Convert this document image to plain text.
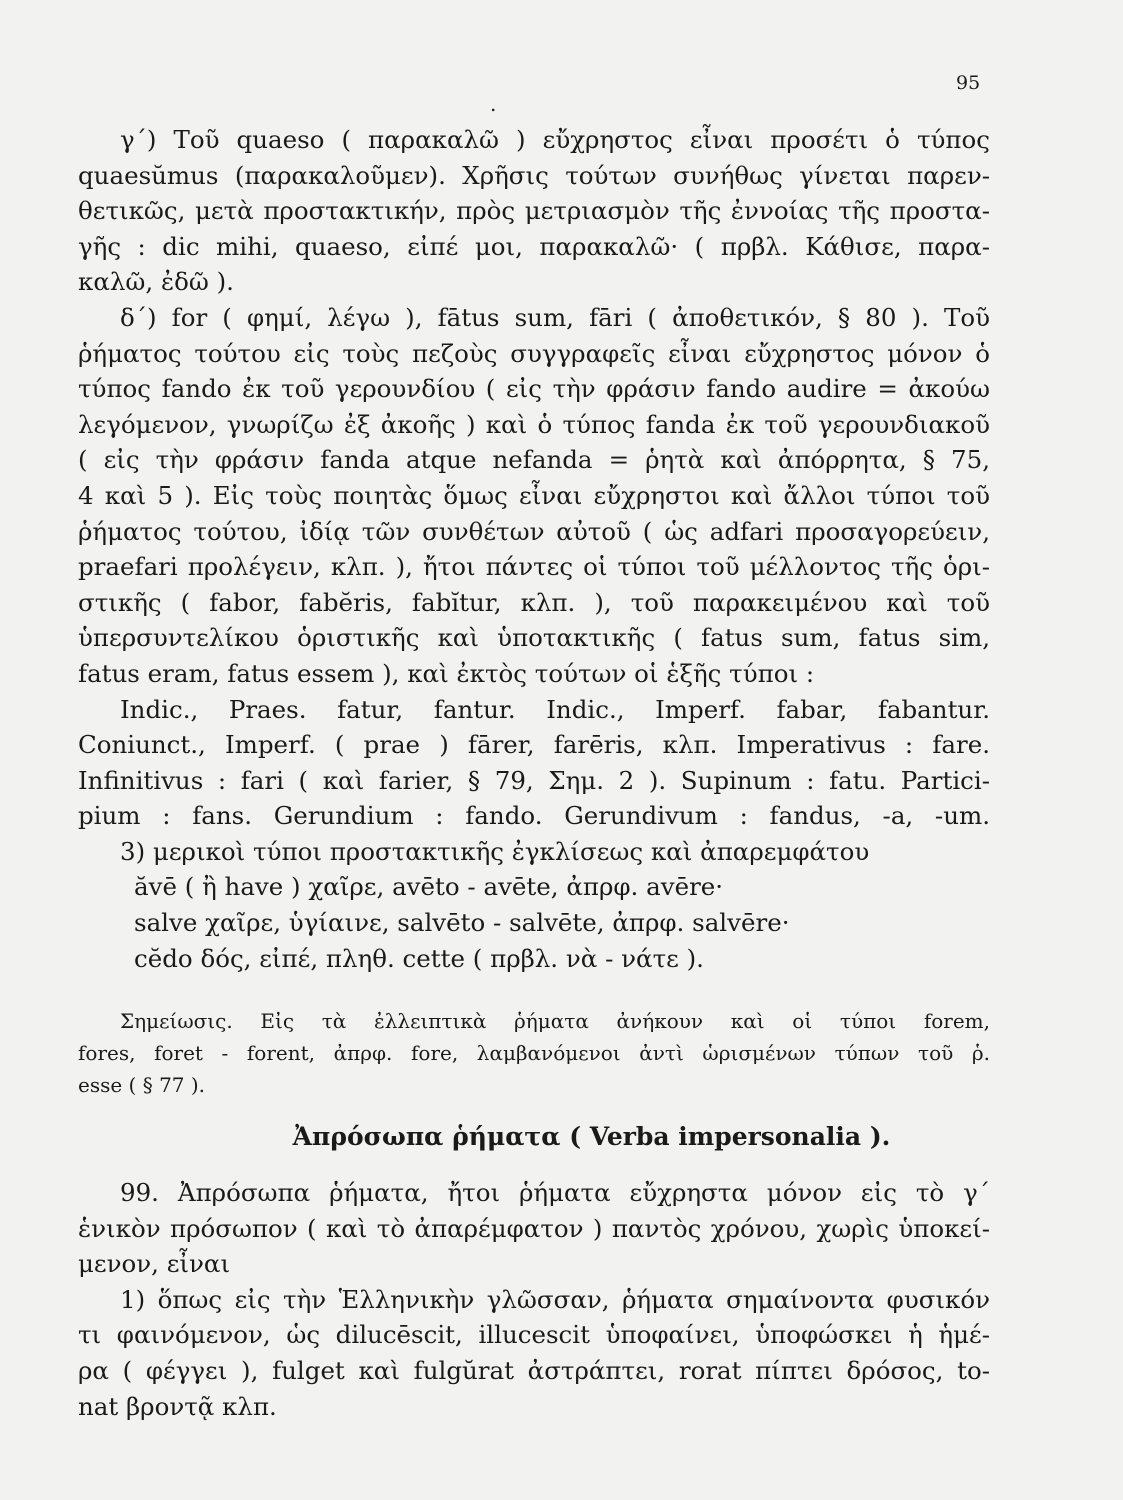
95
.
γ΄) Τοῦ quaeso ( παρακαλῶ ) εὔχρηστος εἶναι προσέτι ὁ τύπος
quaesŭmus (παρακαλοῦμεν). Χρῆσις τούτων συνήθως γίνεται παρεν-
θετικῶς, μετὰ προστακτικήν, πρὸς μετριασμὸν τῆς ἐννοίας τῆς προστα-
γῆς : dic mihi, quaeso, εἰπέ μοι, παρακαλῶ· ( πρβλ. Κάθισε, παρα-
καλῶ, ἐδῶ ).
δ΄) for ( φημί, λέγω ), fātus sum, fāri ( ἀποθετικόν, § 80 ). Τοῦ
ῥήματος τούτου εἰς τοὺς πεζοὺς συγγραφεῖς εἶναι εὔχρηστος μόνον ὁ
τύπος fando ἐκ τοῦ γερουνδίου ( εἰς τὴν φράσιν fando audire = ἀκούω
λεγόμενον, γνωρίζω ἐξ ἀκοῆς ) καὶ ὁ τύπος fanda ἐκ τοῦ γερουνδιακοῦ
( εἰς τὴν φράσιν fanda atque nefanda = ῥητὰ καὶ ἀπόρρητα, § 75,
4 καὶ 5 ). Εἰς τοὺς ποιητὰς ὅμως εἶναι εὔχρηστοι καὶ ἄλλοι τύποι τοῦ
ῥήματος τούτου, ἰδίᾳ τῶν συνθέτων αὐτοῦ ( ὡς adfari προσαγορεύειν,
praefari προλέγειν, κλπ. ), ἤτοι πάντες οἱ τύποι τοῦ μέλλοντος τῆς ὁρι-
στικῆς ( fabor, fabĕris, fabĭtur, κλπ. ), τοῦ παρακειμένου καὶ τοῦ
ὑπερσυντελίκου ὁριστικῆς καὶ ὑποτακτικῆς ( fatus sum, fatus sim,
fatus eram, fatus essem ), καὶ ἐκτὸς τούτων οἱ ἑξῆς τύποι :
Indic., Praes. fatur, fantur. Indic., Imperf. fabar, fabantur.
Coniunct., Imperf. ( prae ) fārer, farēris, κλπ. Imperativus : fare.
Infinitivus : fari ( καὶ farier, § 79, Σημ. 2 ). Supinum : fatu. Partici-
pium : fans. Gerundium : fando. Gerundivum : fandus, -a, -um.
3) μερικοὶ τύποι προστακτικῆς ἐγκλίσεως καὶ ἀπαρεμφάτου
ăvē ( ἢ have ) χαῖρε, avēto - avēte, ἀπρφ. avēre·
salve χαῖρε, ὑγίαινε, salvēto - salvēte, ἀπρφ. salvēre·
cĕdo δός, εἰπέ, πληθ. cette ( πρβλ. νὰ - νάτε ).
Σημείωσις. Εἰς τὰ ἐλλειπτικὰ ῥήματα ἀνήκουν καὶ οἱ τύποι forem,
fores, foret - forent, ἀπρφ. fore, λαμβανόμενοι ἀντὶ ὡρισμένων τύπων τοῦ ῥ.
esse ( § 77 ).
Ἀπρόσωπα ῥήματα ( Verba impersonalia ).
99. Ἀπρόσωπα ῥήματα, ἤτοι ῥήματα εὔχρηστα μόνον εἰς τὸ γ΄
ἑνικὸν πρόσωπον ( καὶ τὸ ἀπαρέμφατον ) παντὸς χρόνου, χωρὶς ὑποκεί-
μενον, εἶναι
1) ὅπως εἰς τὴν Ἑλληνικὴν γλῶσσαν, ῥήματα σημαίνοντα φυσικόν
τι φαινόμενον, ὡς dilucēscit, illucescit ὑποφαίνει, ὑποφώσκει ἡ ἡμέ-
ρα ( φέγγει ), fulget καὶ fulgŭrat ἀστράπτει, rorat πίπτει δρόσος, to-
nat βροντᾷ κλπ.
